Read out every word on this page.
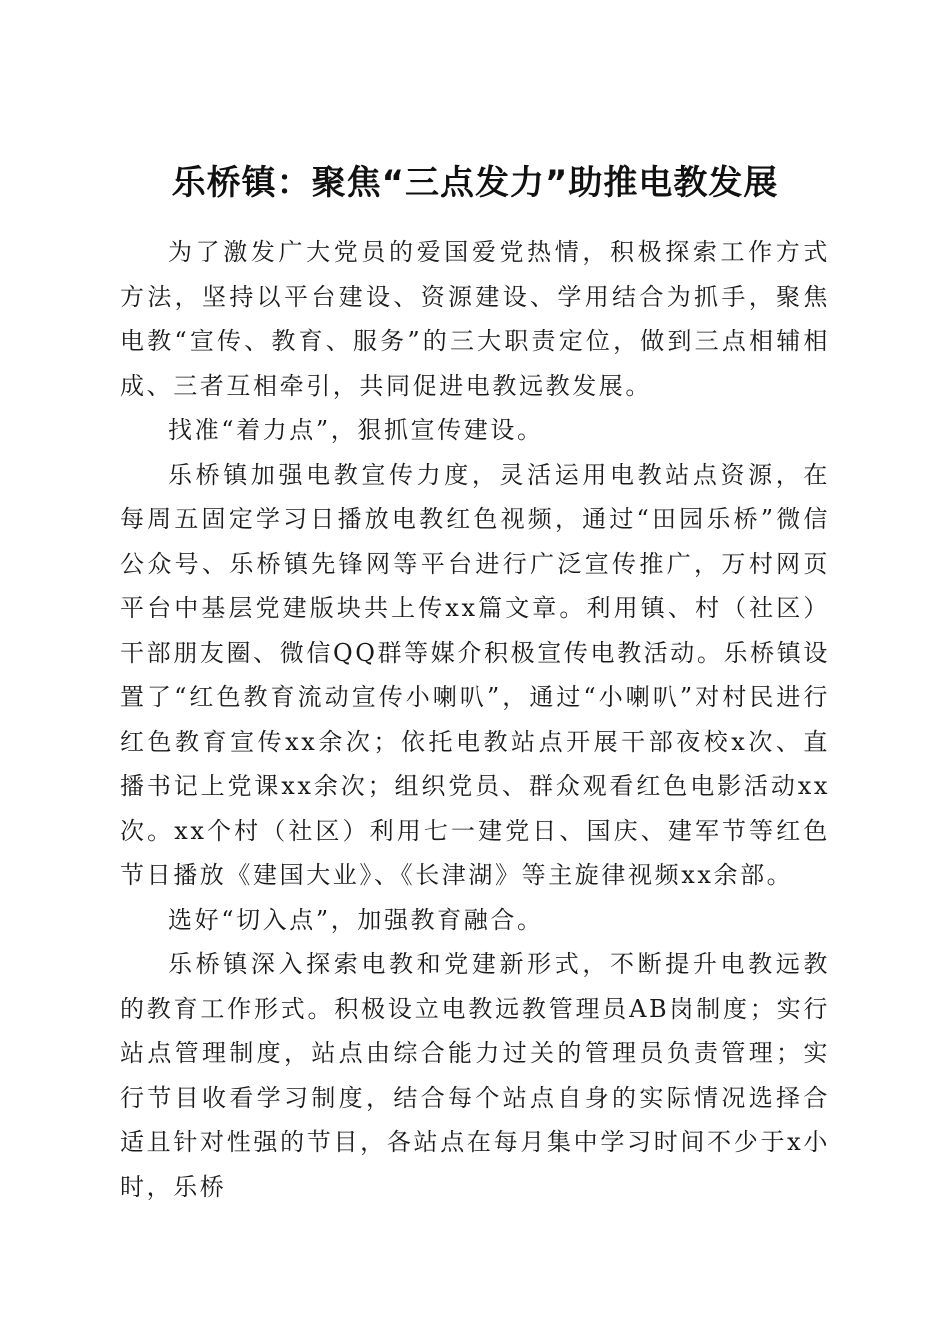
乐桥镇：聚焦“三点发力”助推电教发展

为了激发广大党员的爱国爱党热情，积极探索工作方式方法，坚持以平台建设、资源建设、学用结合为抓手，聚焦电教“宣传、教育、服务”的三大职责定位，做到三点相辅相成、三者互相牵引，共同促进电教远教发展。

找准“着力点”，狠抓宣传建设。

乐桥镇加强电教宣传力度，灵活运用电教站点资源，在每周五固定学习日播放电教红色视频，通过“田园乐桥”微信公众号、乐桥镇先锋网等平台进行广泛宣传推广，万村网页平台中基层党建版块共上传xx篇文章。利用镇、村（社区）干部朋友圈、微信QQ群等媒介积极宣传电教活动。乐桥镇设置了“红色教育流动宣传小喇叭”，通过“小喇叭”对村民进行红色教育宣传xx余次；依托电教站点开展干部夜校x次、直播书记上党课xx余次；组织党员、群众观看红色电影活动xx次。xx个村（社区）利用七一建党日、国庆、建军节等红色节日播放《建国大业》、《长津湖》等主旋律视频xx余部。

选好“切入点”，加强教育融合。

乐桥镇深入探索电教和党建新形式，不断提升电教远教的教育工作形式。积极设立电教远教管理员AB岗制度；实行站点管理制度，站点由综合能力过关的管理员负责管理；实行节目收看学习制度，结合每个站点自身的实际情况选择合适且针对性强的节目，各站点在每月集中学习时间不少于x小时，乐桥
